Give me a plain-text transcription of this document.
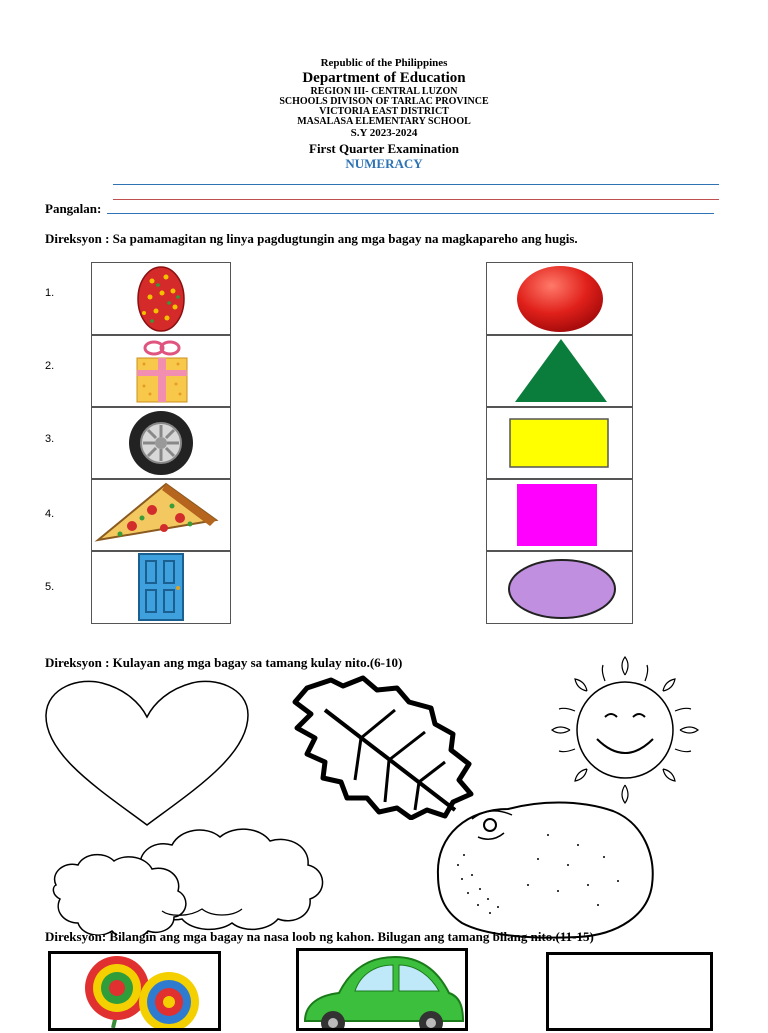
Republic of the Philippines
Department of Education
REGION III- CENTRAL LUZON
SCHOOLS DIVISON OF TARLAC PROVINCE
VICTORIA EAST DISTRICT
MASALASA ELEMENTARY SCHOOL
S.Y 2023-2024
First Quarter Examination
NUMERACY
Pangalan:
Direksyon : Sa pamamagitan ng linya pagdugtungin ang mga bagay na magkapareho ang hugis.
1.
2.
3.
4.
5.
Direksyon : Kulayan ang mga bagay sa tamang kulay nito.(6-10)
Direksyon: Bilangin ang mga bagay na nasa loob ng kahon. Bilugan ang tamang bilang nito.(11-15)
